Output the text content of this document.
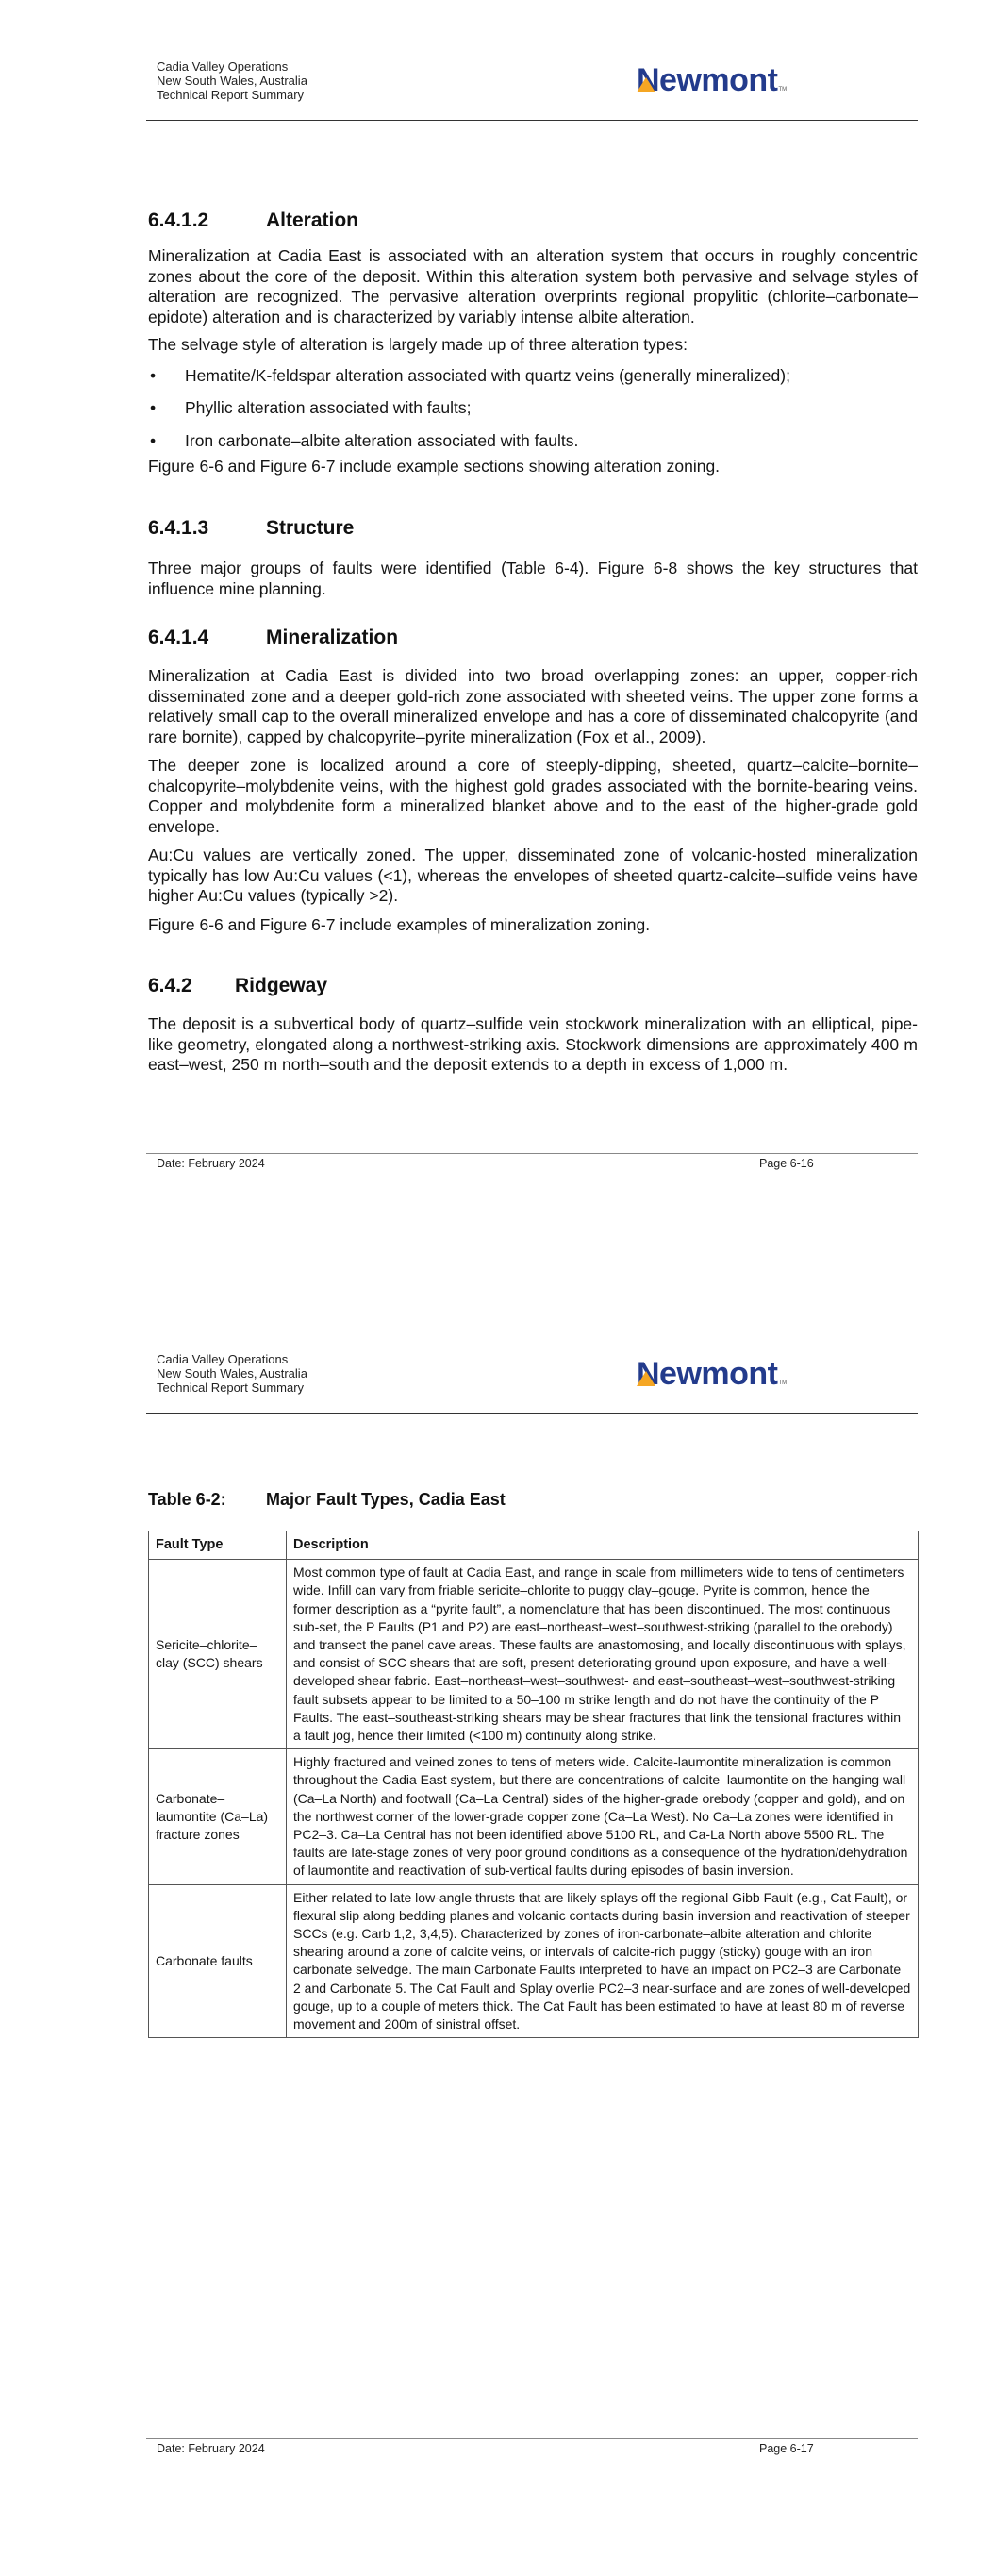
Cadia Valley Operations
New South Wales, Australia
Technical Report Summary	Newmont TM
6.4.1.2	Alteration

Mineralization at Cadia East is associated with an alteration system that occurs in roughly concentric zones about the core of the deposit. Within this alteration system both pervasive and selvage styles of alteration are recognized. The pervasive alteration overprints regional propylitic (chlorite–carbonate–epidote) alteration and is characterized by variably intense albite alteration.

The selvage style of alteration is largely made up of three alteration types:

• Hematite/K-feldspar alteration associated with quartz veins (generally mineralized);
• Phyllic alteration associated with faults;
• Iron carbonate–albite alteration associated with faults.

Figure 6-6 and Figure 6-7 include example sections showing alteration zoning.

6.4.1.3	Structure

Three major groups of faults were identified (Table 6-4). Figure 6-8 shows the key structures that influence mine planning.

6.4.1.4	Mineralization

Mineralization at Cadia East is divided into two broad overlapping zones: an upper, copper-rich disseminated zone and a deeper gold-rich zone associated with sheeted veins. The upper zone forms a relatively small cap to the overall mineralized envelope and has a core of disseminated chalcopyrite (and rare bornite), capped by chalcopyrite–pyrite mineralization (Fox et al., 2009).

The deeper zone is localized around a core of steeply-dipping, sheeted, quartz–calcite–bornite–chalcopyrite–molybdenite veins, with the highest gold grades associated with the bornite-bearing veins. Copper and molybdenite form a mineralized blanket above and to the east of the higher-grade gold envelope.

Au:Cu values are vertically zoned. The upper, disseminated zone of volcanic-hosted mineralization typically has low Au:Cu values (<1), whereas the envelopes of sheeted quartz-calcite–sulfide veins have higher Au:Cu values (typically >2).

Figure 6-6 and Figure 6-7 include examples of mineralization zoning.

6.4.2	Ridgeway

The deposit is a subvertical body of quartz–sulfide vein stockwork mineralization with an elliptical, pipe-like geometry, elongated along a northwest-striking axis. Stockwork dimensions are approximately 400 m east–west, 250 m north–south and the deposit extends to a depth in excess of 1,000 m.

Date: February 2024	Page 6-16
Cadia Valley Operations
New South Wales, Australia
Technical Report Summary	Newmont TM
Table 6-2:	Major Fault Types, Cadia East
Fault Type	Description
Sericite–chlorite–clay (SCC) shears	Most common type of fault at Cadia East, and range in scale from millimeters wide to tens of centimeters wide. Infill can vary from friable sericite–chlorite to puggy clay–gouge. Pyrite is common, hence the former description as a “pyrite fault”, a nomenclature that has been discontinued. The most continuous sub-set, the P Faults (P1 and P2) are east–northeast–west–southwest-striking (parallel to the orebody) and transect the panel cave areas. These faults are anastomosing, and locally discontinuous with splays, and consist of SCC shears that are soft, present deteriorating ground upon exposure, and have a well-developed shear fabric. East–northeast–west–southwest- and east–southeast–west–southwest-striking fault subsets appear to be limited to a 50–100 m strike length and do not have the continuity of the P Faults. The east–southeast-striking shears may be shear fractures that link the tensional fractures within a fault jog, hence their limited (<100 m) continuity along strike.
Carbonate–laumontite (Ca–La) fracture zones	Highly fractured and veined zones to tens of meters wide. Calcite-laumontite mineralization is common throughout the Cadia East system, but there are concentrations of calcite–laumontite on the hanging wall (Ca–La North) and footwall (Ca–La Central) sides of the higher-grade orebody (copper and gold), and on the northwest corner of the lower-grade copper zone (Ca–La West). No Ca–La zones were identified in PC2–3. Ca–La Central has not been identified above 5100 RL, and Ca-La North above 5500 RL. The faults are late-stage zones of very poor ground conditions as a consequence of the hydration/dehydration of laumontite and reactivation of sub-vertical faults during episodes of basin inversion.
Carbonate faults	Either related to late low-angle thrusts that are likely splays off the regional Gibb Fault (e.g., Cat Fault), or flexural slip along bedding planes and volcanic contacts during basin inversion and reactivation of steeper SCCs (e.g. Carb 1,2, 3,4,5). Characterized by zones of iron-carbonate–albite alteration and chlorite shearing around a zone of calcite veins, or intervals of calcite-rich puggy (sticky) gouge with an iron carbonate selvedge. The main Carbonate Faults interpreted to have an impact on PC2–3 are Carbonate 2 and Carbonate 5. The Cat Fault and Splay overlie PC2–3 near-surface and are zones of well-developed gouge, up to a couple of meters thick. The Cat Fault has been estimated to have at least 80 m of reverse movement and 200m of sinistral offset.
Date: February 2024	Page 6-17
